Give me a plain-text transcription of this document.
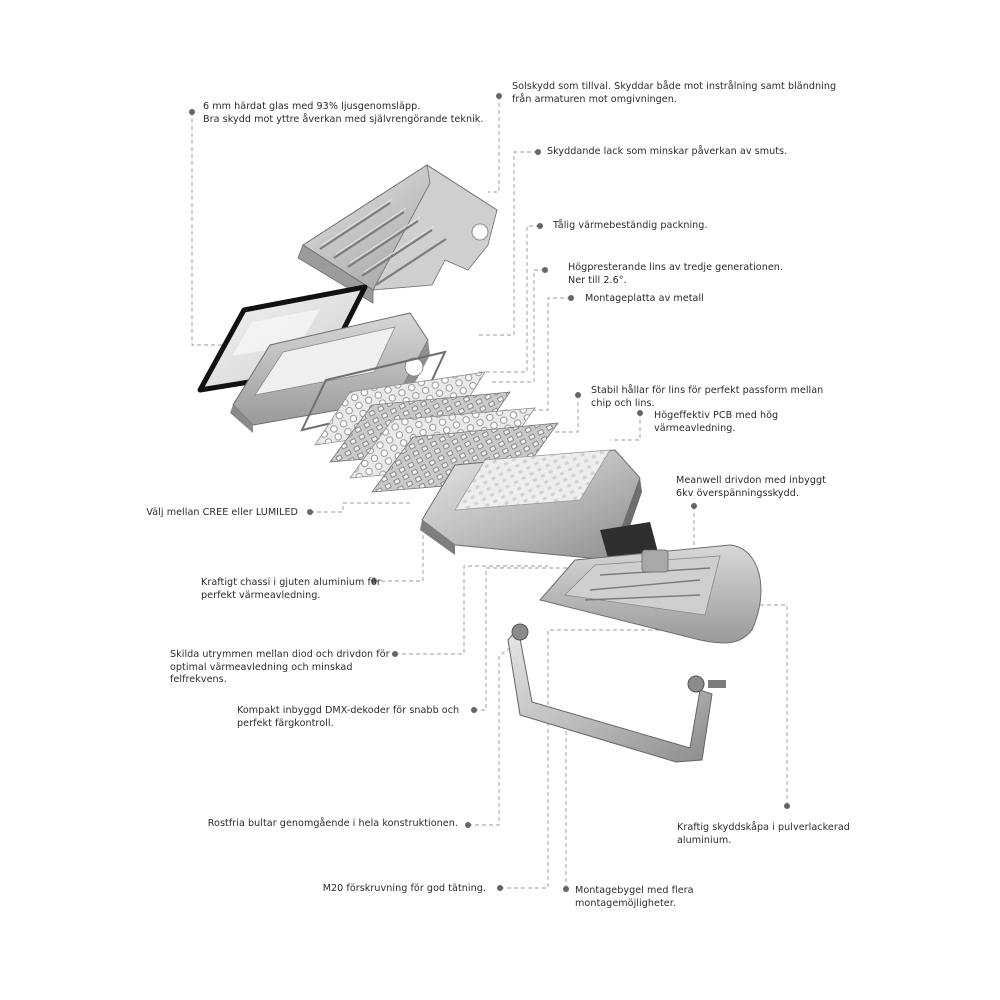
6 mm härdat glas med 93% ljusgenomsläpp.
Bra skydd mot yttre åverkan med självrengörande teknik.
Solskydd som tillval. Skyddar både mot instrålning samt bländning
från armaturen mot omgivningen.
Skyddande lack som minskar påverkan av smuts.
Tålig värmebeständig packning.
Högpresterande lins av tredje generationen.
Ner till 2.6°.
Montageplatta av metall
Stabil hållar för lins för perfekt passform mellan
chip och lins.
Högeffektiv PCB med hög
värmeavledning.
Meanwell drivdon med inbyggt
6kv överspänningsskydd.
Välj mellan CREE eller LUMILED
Kraftigt chassi i gjuten aluminium för
perfekt värmeavledning.
Skilda utrymmen mellan diod och drivdon för
optimal värmeavledning och minskad
felfrekvens.
Kompakt inbyggd DMX-dekoder för snabb och
perfekt färgkontroll.
Rostfria bultar genomgående i hela konstruktionen.	Kraftig skyddskåpa i pulverlackerad
aluminium.
M20 förskruvning för god tätning.	Montagebygel med flera
montagemöjligheter.
